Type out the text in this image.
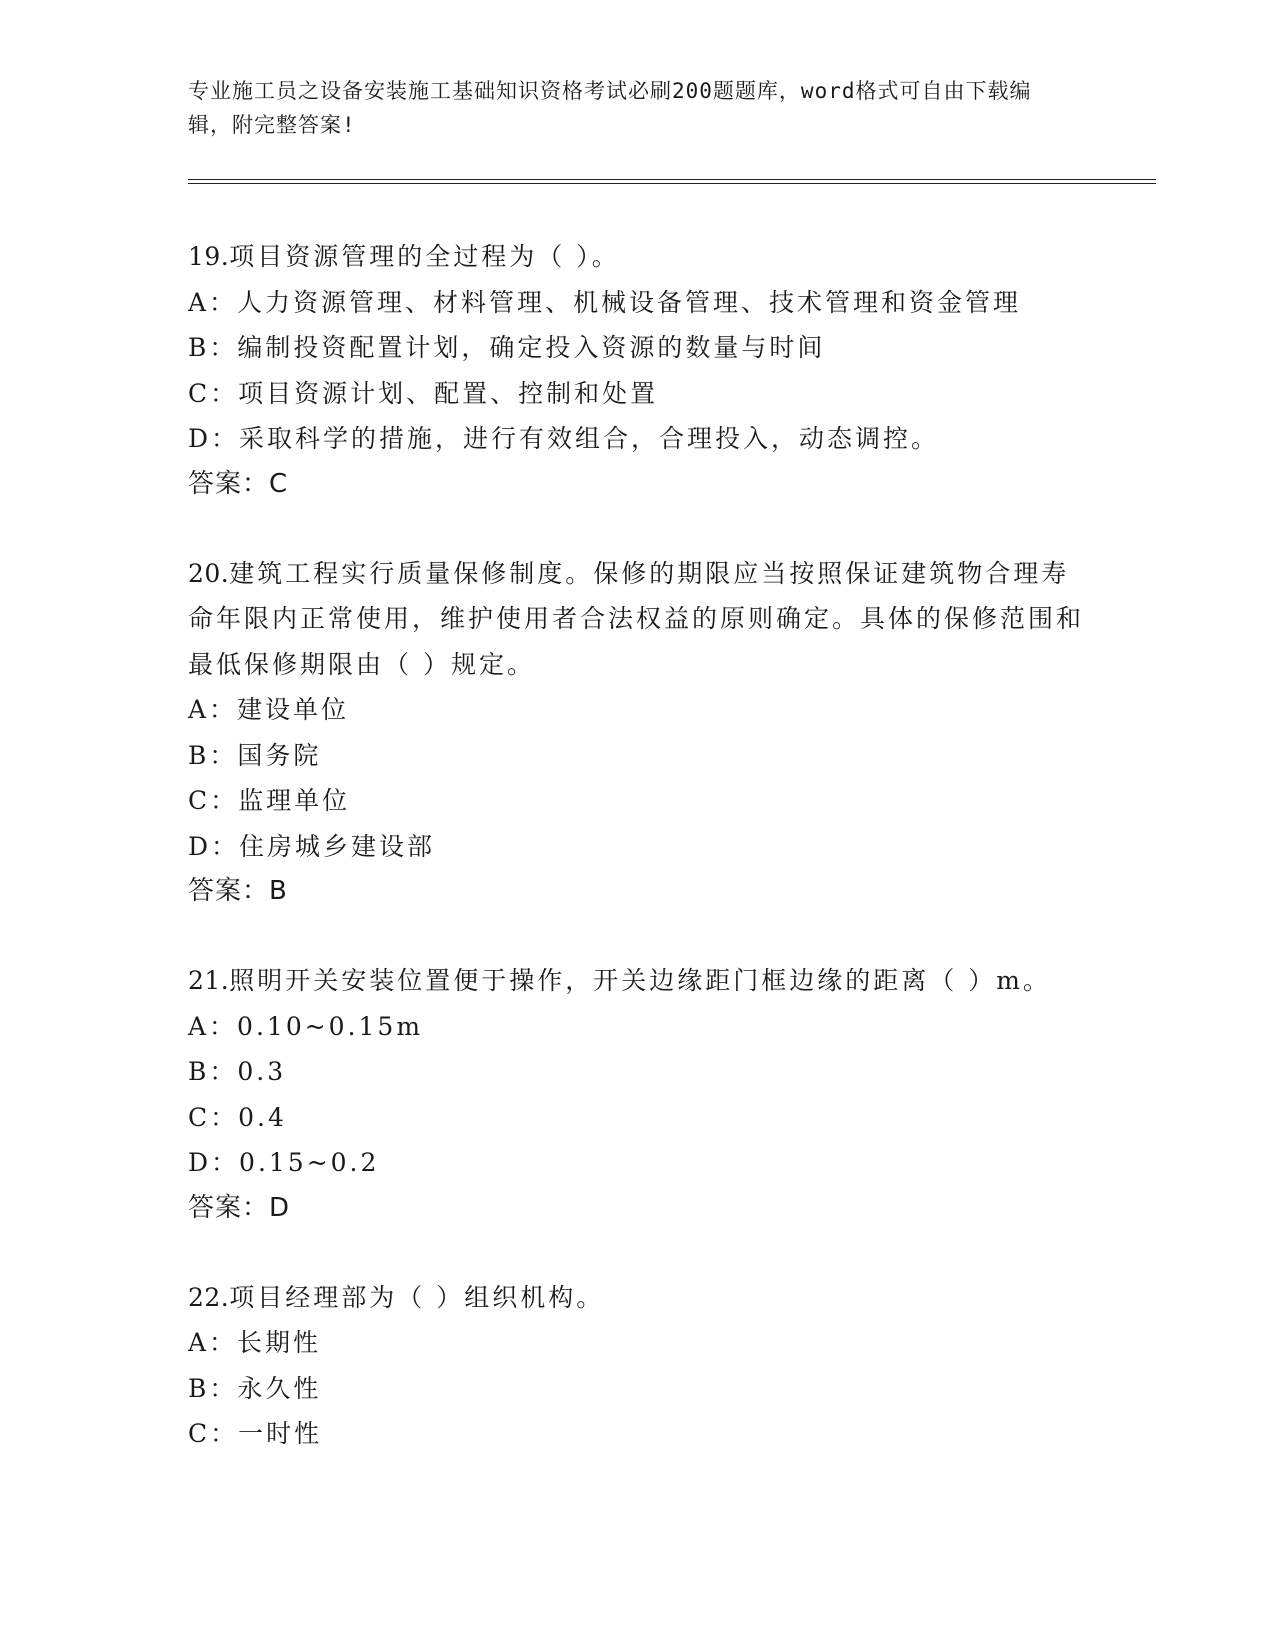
专业施工员之设备安装施工基础知识资格考试必刷200题题库，word格式可自由下载编辑，附完整答案!

19.项目资源管理的全过程为（ ）。

A：人力资源管理、材料管理、机械设备管理、技术管理和资金管理

B：编制投资配置计划，确定投入资源的数量与时间

C：项目资源计划、配置、控制和处置

D：采取科学的措施，进行有效组合，合理投入，动态调控。

答案：C

20.建筑工程实行质量保修制度。保修的期限应当按照保证建筑物合理寿命年限内正常使用，维护使用者合法权益的原则确定。具体的保修范围和最低保修期限由（ ）规定。

A：建设单位

B：国务院

C：监理单位

D：住房城乡建设部

答案：B

21.照明开关安装位置便于操作，开关边缘距门框边缘的距离（ ）m。

A：0.10~0.15m

B：0.3

C：0.4

D：0.15~0.2

答案：D

22.项目经理部为（ ）组织机构。

A：长期性

B：永久性

C：一时性
